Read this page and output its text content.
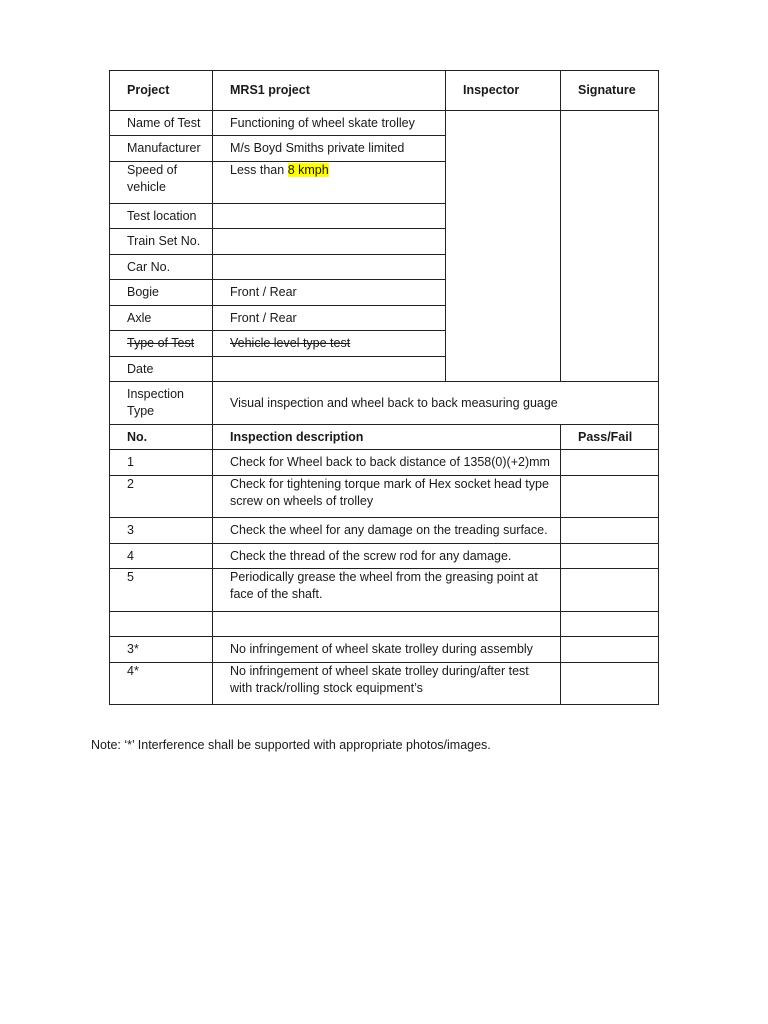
Project	MRS1 project	Inspector	Signature
Name of Test	Functioning of wheel skate trolley		
Manufacturer	M/s Boyd Smiths private limited		
Speed of vehicle	Less than 8 kmph		
Test location			
Train Set No.			
Car No.			
Bogie	Front / Rear		
Axle	Front / Rear		
Type of Test	Vehicle level type test		
Date			
Inspection Type	Visual inspection and wheel back to back measuring guage		
No.	Inspection description		Pass/Fail
1	Check for Wheel back to back distance of 1358(0)(+2)mm		
2	Check for tightening torque mark of Hex socket head type screw on wheels of trolley		
3	Check the wheel for any damage on the treading surface.		
4	Check the thread of the screw rod for any damage.		
5	Periodically grease the wheel from the greasing point at face of the shaft.		

3*	No infringement of wheel skate trolley during assembly		
4*	No infringement of wheel skate trolley during/after test with track/rolling stock equipment’s		
Note: ‘*’ Interference shall be supported with appropriate photos/images.
